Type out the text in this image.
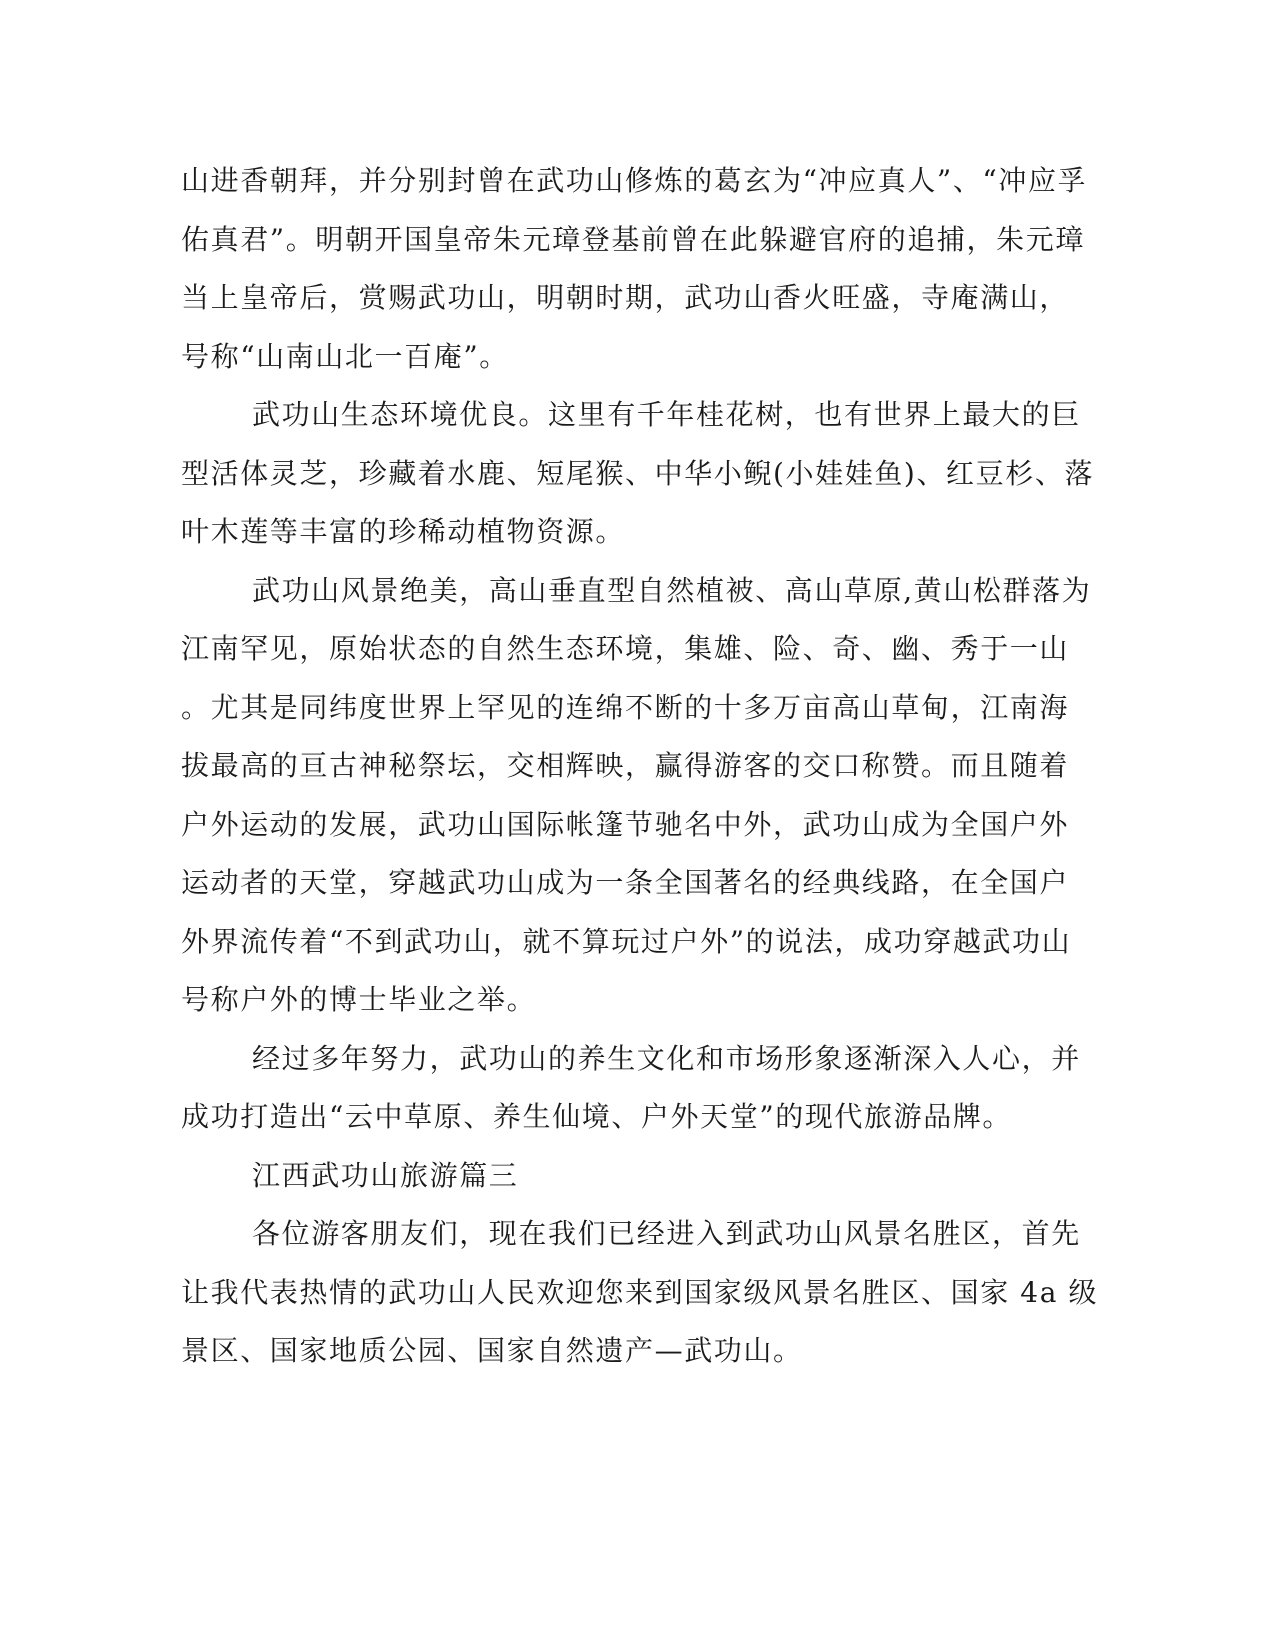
山进香朝拜，并分别封曾在武功山修炼的葛玄为“冲应真人”、“冲应孚
佑真君”。明朝开国皇帝朱元璋登基前曾在此躲避官府的追捕，朱元璋
当上皇帝后，赏赐武功山，明朝时期，武功山香火旺盛，寺庵满山，
号称“山南山北一百庵”。
武功山生态环境优良。这里有千年桂花树，也有世界上最大的巨
型活体灵芝，珍藏着水鹿、短尾猴、中华小鲵(小娃娃鱼)、红豆杉、落
叶木莲等丰富的珍稀动植物资源。
武功山风景绝美，高山垂直型自然植被、高山草原,黄山松群落为
江南罕见，原始状态的自然生态环境，集雄、险、奇、幽、秀于一山
。尤其是同纬度世界上罕见的连绵不断的十多万亩高山草甸，江南海
拔最高的亘古神秘祭坛，交相辉映，赢得游客的交口称赞。而且随着
户外运动的发展，武功山国际帐篷节驰名中外，武功山成为全国户外
运动者的天堂，穿越武功山成为一条全国著名的经典线路，在全国户
外界流传着“不到武功山，就不算玩过户外”的说法，成功穿越武功山
号称户外的博士毕业之举。
经过多年努力，武功山的养生文化和市场形象逐渐深入人心，并
成功打造出“云中草原、养生仙境、户外天堂”的现代旅游品牌。
江西武功山旅游篇三
各位游客朋友们，现在我们已经进入到武功山风景名胜区，首先
让我代表热情的武功山人民欢迎您来到国家级风景名胜区、国家 4a 级
景区、国家地质公园、国家自然遗产—武功山。
